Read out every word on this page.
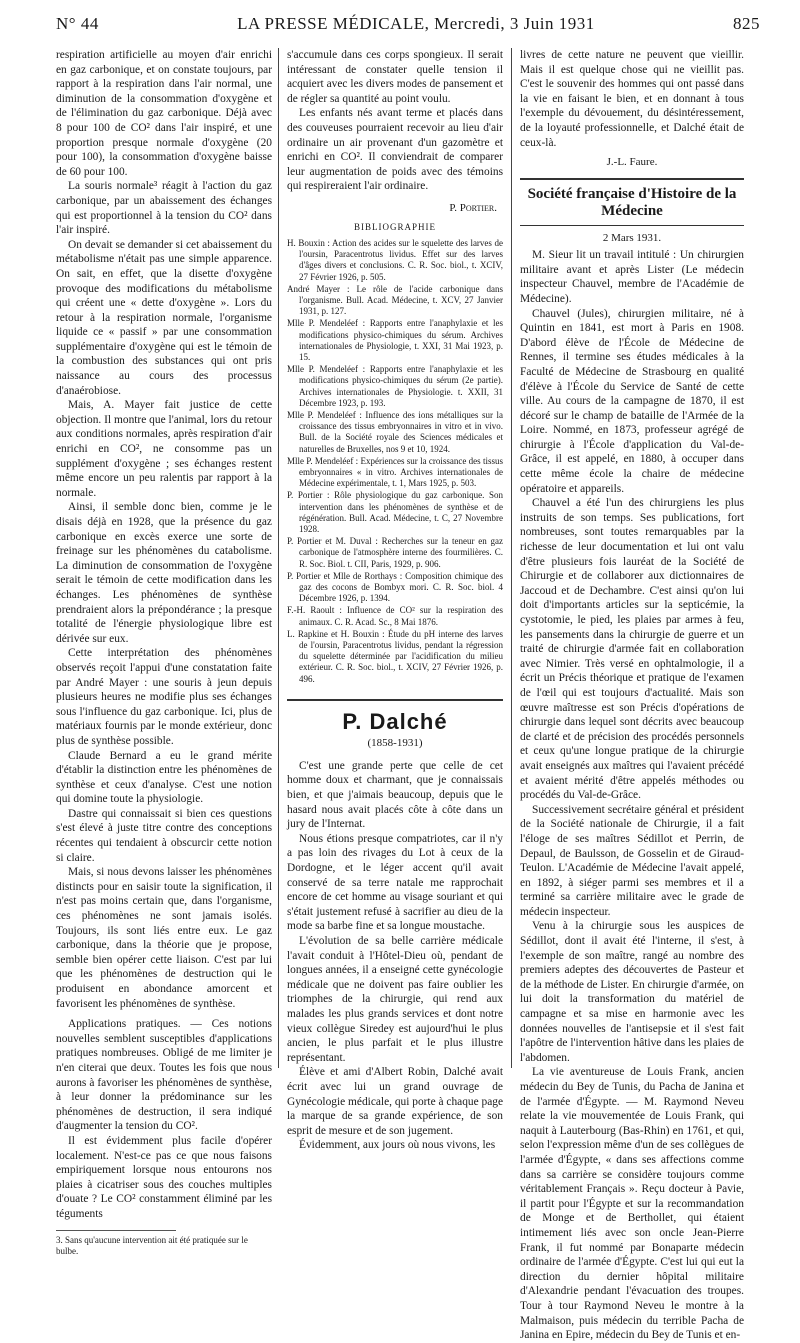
N° 44	LA PRESSE MÉDICALE, Mercredi, 3 Juin 1931	825

respiration artificielle au moyen d'air enrichi en gaz carbonique, et on constate toujours, par rapport à la respiration dans l'air normal, une diminution de la consommation d'oxygène et de l'élimination du gaz carbonique. Déjà avec 8 pour 100 de CO² dans l'air inspiré, et une proportion presque normale d'oxygène (20 pour 100), la consommation d'oxygène baisse de 60 pour 100.

La souris normale³ réagit à l'action du gaz carbonique, par un abaissement des échanges qui est proportionnel à la tension du CO² dans l'air inspiré.

On devait se demander si cet abaissement du métabolisme n'était pas une simple apparence. On sait, en effet, que la disette d'oxygène provoque des modifications du métabolisme qui créent une « dette d'oxygène ». Lors du retour à la respiration normale, l'organisme liquide ce « passif » par une consommation supplémentaire d'oxygène qui est le témoin de la combustion des substances qui ont pris naissance au cours des processus d'anaérobiose.

Mais, A. Mayer fait justice de cette objection. Il montre que l'animal, lors du retour aux conditions normales, après respiration d'air enrichi en CO², ne consomme pas un supplément d'oxygène ; ses échanges restent même encore un peu ralentis par rapport à la normale.

Ainsi, il semble donc bien, comme je le disais déjà en 1928, que la présence du gaz carbonique en excès exerce une sorte de freinage sur les phénomènes du catabolisme. La diminution de consommation de l'oxygène serait le témoin de cette modification dans les échanges. Les phénomènes de synthèse prendraient alors la prépondérance ; la presque totalité de l'énergie physiologique libre est dérivée sur eux.

Cette interprétation des phénomènes observés reçoit l'appui d'une constatation faite par André Mayer : une souris à jeun depuis plusieurs heures ne modifie plus ses échanges sous l'influence du gaz carbonique. Ici, plus de matériaux fournis par le monde extérieur, donc plus de synthèse possible.

Claude Bernard a eu le grand mérite d'établir la distinction entre les phénomènes de synthèse et ceux d'analyse. C'est une notion qui domine toute la physiologie.

Dastre qui connaissait si bien ces questions s'est élevé à juste titre contre des conceptions récentes qui tendaient à obscurcir cette notion si claire.

Mais, si nous devons laisser les phénomènes distincts pour en saisir toute la signification, il n'est pas moins certain que, dans l'organisme, ces phénomènes ne sont jamais isolés. Toujours, ils sont liés entre eux. Le gaz carbonique, dans la théorie que je propose, semble bien opérer cette liaison. C'est par lui que les phénomènes de destruction qui le produisent en abondance amorcent et favorisent les phénomènes de synthèse.

Applications pratiques. — Ces notions nouvelles semblent susceptibles d'applications pratiques nombreuses. Obligé de me limiter je n'en citerai que deux. Toutes les fois que nous aurons à favoriser les phénomènes de synthèse, à leur donner la prédominance sur les phénomènes de destruction, il sera indiqué d'augmenter la tension du CO².

Il est évidemment plus facile d'opérer localement. N'est-ce pas ce que nous faisons empiriquement lorsque nous entourons nos plaies à cicatriser sous des couches multiples d'ouate ? Le CO² constamment éliminé par les téguments

3. Sans qu'aucune intervention ait été pratiquée sur le bulbe.

s'accumule dans ces corps spongieux. Il serait intéressant de constater quelle tension il acquiert avec les divers modes de pansement et de régler sa quantité au point voulu.

Les enfants nés avant terme et placés dans des couveuses pourraient recevoir au lieu d'air ordinaire un air provenant d'un gazomètre et enrichi en CO². Il conviendrait de comparer leur augmentation de poids avec des témoins qui respireraient l'air ordinaire.

P. Portier.
BIBLIOGRAPHIE

H. Bouxin : Action des acides sur le squelette des larves de l'oursin, Paracentrotus lividus. Effet sur des larves d'âges divers et conclusions. C. R. Soc. biol., t. XCIV, 27 Février 1926, p. 505.

André Mayer : Le rôle de l'acide carbonique dans l'organisme. Bull. Acad. Médecine, t. XCV, 27 Janvier 1931, p. 127.

Mlle P. Mendeléef : Rapports entre l'anaphylaxie et les modifications physico-chimiques du sérum. Archives internationales de Physiologie, t. XXI, 31 Mai 1923, p. 15.

Mlle P. Mendeléef : Rapports entre l'anaphylaxie et les modifications physico-chimiques du sérum (2e partie). Archives internationales de Physiologie. t. XXII, 31 Décembre 1923, p. 193.

Mlle P. Mendeléef : Influence des ions métalliques sur la croissance des tissus embryonnaires in vitro et in vivo. Bull. de la Société royale des Sciences médicales et naturelles de Bruxelles, nos 9 et 10, 1924.

Mlle P. Mendeléef : Expériences sur la croissance des tissus embryonnaires « in vitro. Archives internationales de Médecine expérimentale, t. 1, Mars 1925, p. 503.

P. Portier : Rôle physiologique du gaz carbonique. Son intervention dans les phénomènes de synthèse et de régénération. Bull. Acad. Médecine, t. C, 27 Novembre 1928.

P. Portier et M. Duval : Recherches sur la teneur en gaz carbonique de l'atmosphère interne des fourmilières. C. R. Soc. Biol. t. CII, Paris, 1929, p. 906.

P. Portier et Mlle de Rorthays : Composition chimique des gaz des cocons de Bombyx mori. C. R. Soc. biol. 4 Décembre 1926, p. 1394.

F.-H. Raoult : Influence de CO² sur la respiration des animaux. C. R. Acad. Sc., 8 Mai 1876.

L. Rapkine et H. Bouxin : Étude du pH interne des larves de l'oursin, Paracentrotus lividus, pendant la régression du squelette déterminée par l'acidification du milieu extérieur. C. R. Soc. biol., t. XCIV, 27 Février 1926, p. 496.

P. Dalché
(1858-1931)

C'est une grande perte que celle de cet homme doux et charmant, que je connaissais bien, et que j'aimais beaucoup, depuis que le hasard nous avait placés côte à côte dans un jury de l'Internat.

Nous étions presque compatriotes, car il n'y a pas loin des rivages du Lot à ceux de la Dordogne, et le léger accent qu'il avait conservé de sa terre natale me rapprochait encore de cet homme au visage souriant et qui s'était justement refusé à sacrifier au dieu de la mode sa barbe fine et sa longue moustache.

L'évolution de sa belle carrière médicale l'avait conduit à l'Hôtel-Dieu où, pendant de longues années, il a enseigné cette gynécologie médicale que ne doivent pas faire oublier les triomphes de la chirurgie, qui rend aux malades les plus grands services et dont notre vieux collègue Siredey est aujourd'hui le plus ancien, le plus parfait et le plus illustre représentant.

Élève et ami d'Albert Robin, Dalché avait écrit avec lui un grand ouvrage de Gynécologie médicale, qui porte à chaque page la marque de sa grande expérience, de son esprit de mesure et de son jugement.

Évidemment, aux jours où nous vivons, les

livres de cette nature ne peuvent que vieillir. Mais il est quelque chose qui ne vieillit pas. C'est le souvenir des hommes qui ont passé dans la vie en faisant le bien, et en donnant à tous l'exemple du dévouement, du désintéressement, de la loyauté professionnelle, et Dalché était de ceux-là.

J.-L. Faure.
Société française d'Histoire de la Médecine
2 Mars 1931.

M. Sieur lit un travail intitulé : Un chirurgien militaire avant et après Lister (Le médecin inspecteur Chauvel, membre de l'Académie de Médecine).

Chauvel (Jules), chirurgien militaire, né à Quintin en 1841, est mort à Paris en 1908. D'abord élève de l'École de Médecine de Rennes, il termine ses études médicales à la Faculté de Médecine de Strasbourg en qualité d'élève à l'École du Service de Santé de cette ville. Au cours de la campagne de 1870, il est décoré sur le champ de bataille de l'Armée de la Loire. Nommé, en 1873, professeur agrégé de chirurgie à l'École d'application du Val-de-Grâce, il est appelé, en 1880, à occuper dans cette même école la chaire de médecine opératoire et appareils.

Chauvel a été l'un des chirurgiens les plus instruits de son temps. Ses publications, fort nombreuses, sont toutes remarquables par la richesse de leur documentation et lui ont valu d'être plusieurs fois lauréat de la Société de Chirurgie et de collaborer aux dictionnaires de Jaccoud et de Dechambre. C'est ainsi qu'on lui doit d'importants articles sur la septicémie, la cystotomie, le pied, les plaies par armes à feu, les pansements dans la chirurgie de guerre et un traité de chirurgie d'armée fait en collaboration avec Nimier. Très versé en ophtalmologie, il a écrit un Précis théorique et pratique de l'examen de l'œil qui est toujours d'actualité. Mais son œuvre maîtresse est son Précis d'opérations de chirurgie dans lequel sont décrits avec beaucoup de clarté et de précision des procédés personnels et ceux qu'une longue pratique de la chirurgie avait enseignés aux maîtres qui l'avaient précédé et avaient mérité d'être appelés méthodes ou procédés du Val-de-Grâce.

Successivement secrétaire général et président de la Société nationale de Chirurgie, il a fait l'éloge de ses maîtres Sédillot et Perrin, de Depaul, de Baulsson, de Gosselin et de Giraud-Teulon. L'Académie de Médecine l'avait appelé, en 1892, à siéger parmi ses membres et il a terminé sa carrière militaire avec le grade de médecin inspecteur.

Venu à la chirurgie sous les auspices de Sédillot, dont il avait été l'interne, il s'est, à l'exemple de son maître, rangé au nombre des premiers adeptes des découvertes de Pasteur et de la méthode de Lister. En chirurgie d'armée, on lui doit la transformation du matériel de campagne et sa mise en harmonie avec les données nouvelles de l'antisepsie et il s'est fait l'apôtre de l'intervention hâtive dans les plaies de l'abdomen.

La vie aventureuse de Louis Frank, ancien médecin du Bey de Tunis, du Pacha de Janina et de l'armée d'Égypte. — M. Raymond Neveu relate la vie mouvementée de Louis Frank, qui naquit à Lauterbourg (Bas-Rhin) en 1761, et qui, selon l'expression même d'un de ses collègues de l'armée d'Égypte, « dans ses affections comme dans sa carrière se considère toujours comme véritablement Français ». Reçu docteur à Pavie, il partit pour l'Égypte et sur la recommandation de Monge et de Berthollet, qui étaient intimement liés avec son oncle Jean-Pierre Frank, il fut nommé par Bonaparte médecin ordinaire de l'armée d'Égypte. C'est lui qui eut la direction du dernier hôpital militaire d'Alexandrie pendant l'évacuation des troupes. Tour à tour Raymond Neveu le montre à la Malmaison, puis médecin du terrible Pacha de Janina en Epire, médecin du Bey de Tunis et en-
